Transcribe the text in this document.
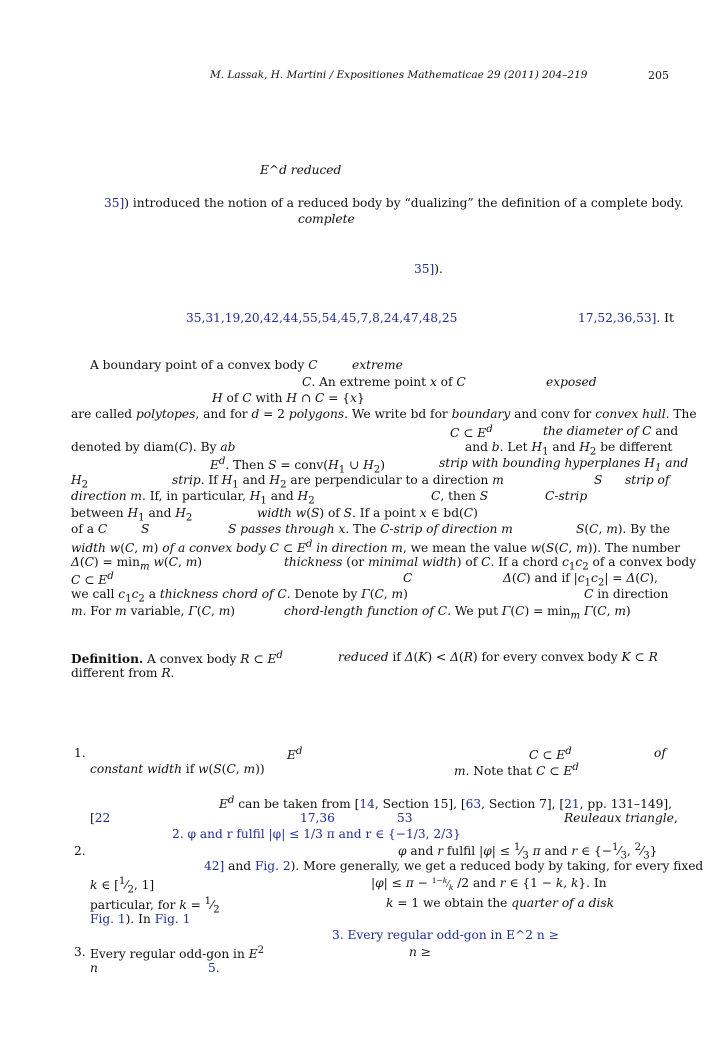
M. Lassak, H. Martini / Expositiones Mathematicae 29 (2011) 204–219	205
E^d reduced
35]) introduced the notion of a reduced body by “dualizing” the definition of a complete body.
complete
35]).
35,31,19,20,42,44,55,54,45,7,8,24,47,48,25	17,52,36,53]. It
A boundary point of a convex body C	extreme
C. An extreme point x of C	exposed
H of C with H ∩ C = {x}
are called polytopes, and for d = 2 polygons. We write bd for boundary and conv for convex hull. The
C ⊂ $E^d$	the diameter of C and
denoted by diam(C). By ab	and b. Let $H_1$ and $H_2$ be different
$E^d$. Then $S = conv(H_1$ ∪ $H_2$)	strip with bounding hyperplanes $H_1$ and
$H_2$	strip. If $H_1$ and $H_2$ are perpendicular to a direction m	S strip of
direction m. If, in particular, $H_1$ and $H_2$	C, then S	C-strip
between $H_1$ and $H_2$	width w(S) of S. If a point x ∈ bd(C)
of a C	S	S passes through x. The C-strip of direction m	S(C, m). By the
width w(C, m) of a convex body C ⊂ $E^d$ in direction m, we mean the value w(S(C, m)). The number
$\Delta(C) = \min_m w(C$, m)	thickness (or minimal width) of C. If a chord $c_1c_2$ of a convex body
C ⊂ $E^d$	C	Δ(C) and if $|c_1c_2| = \Delta(C)$,
we call $c_1c_2$ a thickness chord of C. Denote by Γ(C, m)	C in direction
m. For m variable, Γ(C, m)	chord-length function of C. We put $\Gamma(C) = \min_m \Gamma(C$, m)
Definition. A convex body R ⊂ $E^d$	reduced if Δ(K) < Δ(R) for every convex body K ⊂ R
different from R.
1.	$E^d$	C ⊂ $E^d$	of
constant width if w(S(C, m))	m. Note that C ⊂ $E^d$
$E^d$ can be taken from [14, Section 15], [63, Section 7], [21, pp. 131–149],
[22	17,36	53	Reuleaux triangle,
2. φ and r fulfil |φ| ≤ 1/3 π and r ∈ {−1/3, 2/3}
2.	φ and r fulfil $|\varphi| \le ^1⁄_3$ π and r ∈ {$-^1⁄_3$, $^2⁄_3$}
42] and Fig. 2). More generally, we get a reduced body by taking, for every fixed
k ∈ [$^1⁄_2$, 1]	$|\varphi| \le \pi - ^{1-k}⁄_k$ /2 and r ∈ {1 − k, k}. In
particular, for $k = ^1⁄_2$	k = 1 we obtain the quarter of a disk
Fig. 1). In Fig. 1
3. Every regular odd-gon in E^2 n ≥
3. Every regular odd-gon in $E^2$	n ≥
n	5.
